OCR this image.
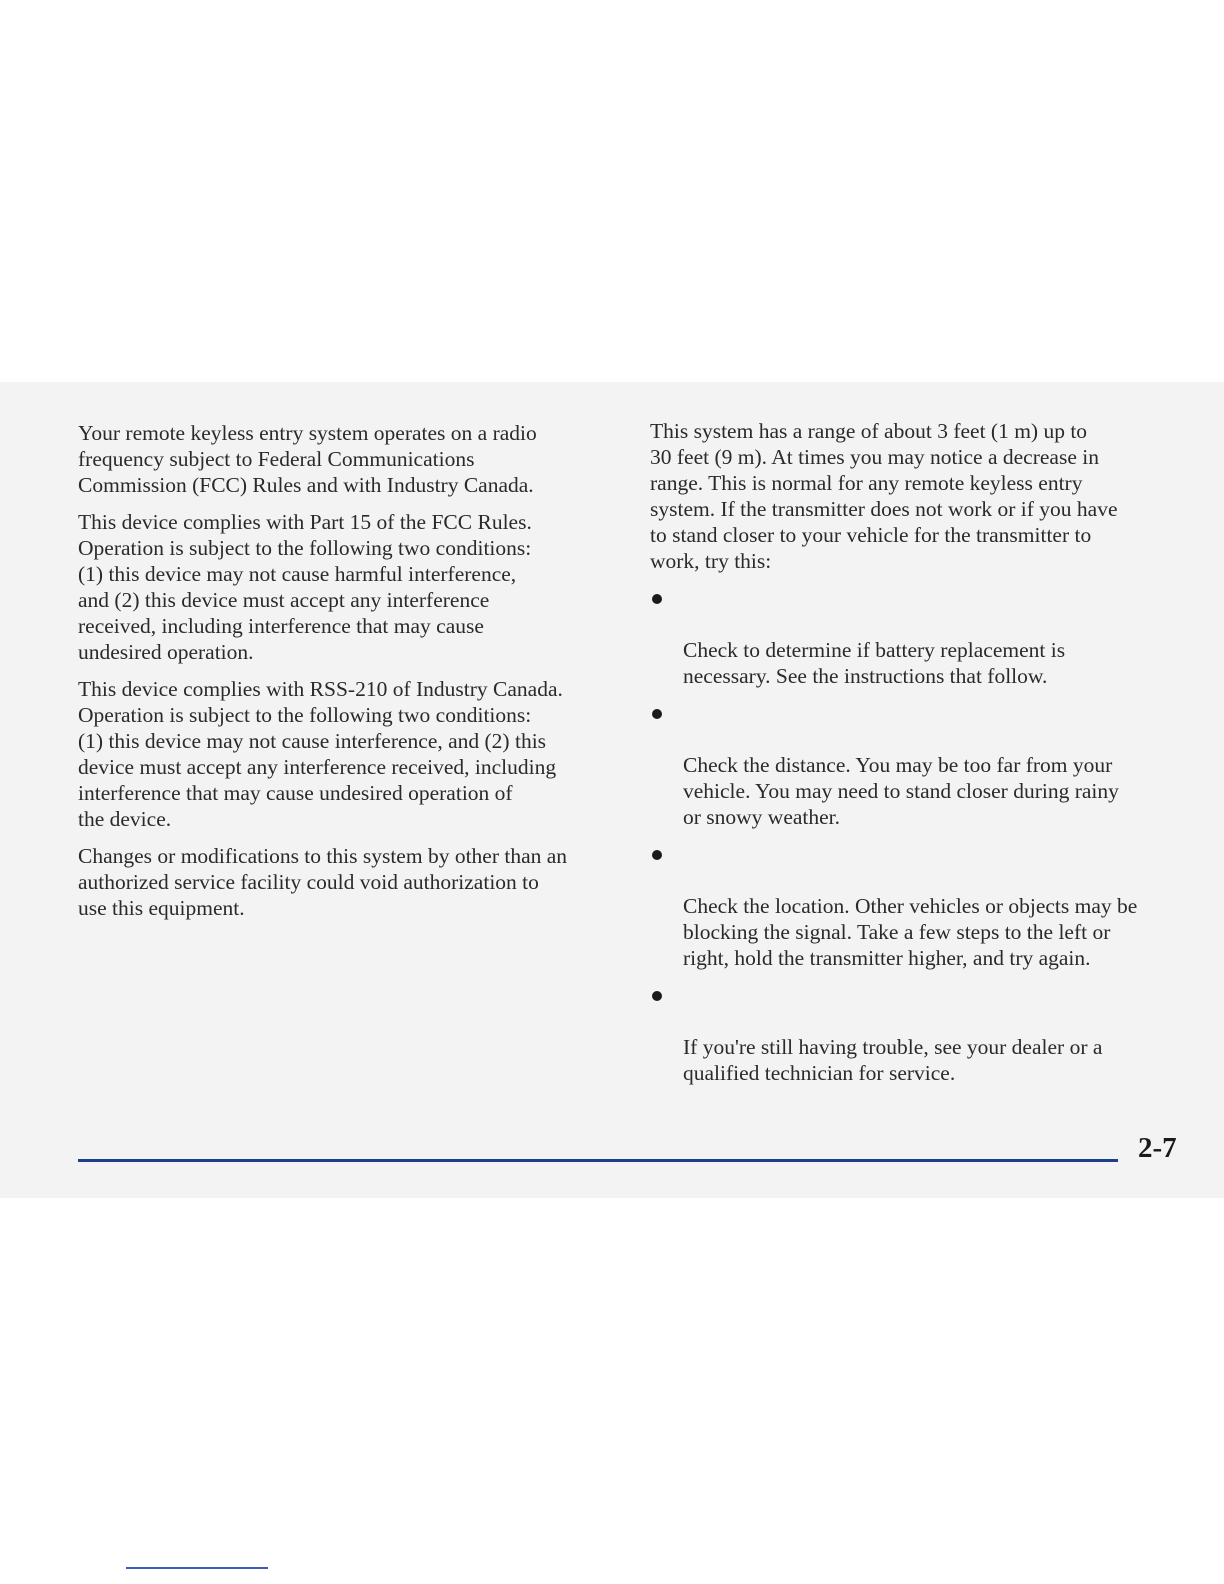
Your remote keyless entry system operates on a radio
frequency subject to Federal Communications
Commission (FCC) Rules and with Industry Canada.

This device complies with Part 15 of the FCC Rules.
Operation is subject to the following two conditions:
(1) this device may not cause harmful interference,
and (2) this device must accept any interference
received, including interference that may cause
undesired operation.

This device complies with RSS-210 of Industry Canada.
Operation is subject to the following two conditions:
(1) this device may not cause interference, and (2) this
device must accept any interference received, including
interference that may cause undesired operation of
the device.

Changes or modifications to this system by other than an
authorized service facility could void authorization to
use this equipment.

This system has a range of about 3 feet (1 m) up to
30 feet (9 m). At times you may notice a decrease in
range. This is normal for any remote keyless entry
system. If the transmitter does not work or if you have
to stand closer to your vehicle for the transmitter to
work, try this:

Check to determine if battery replacement is
necessary. See the instructions that follow.

Check the distance. You may be too far from your
vehicle. You may need to stand closer during rainy
or snowy weather.

Check the location. Other vehicles or objects may be
blocking the signal. Take a few steps to the left or
right, hold the transmitter higher, and try again.

If you're still having trouble, see your dealer or a
qualified technician for service.

2-7
